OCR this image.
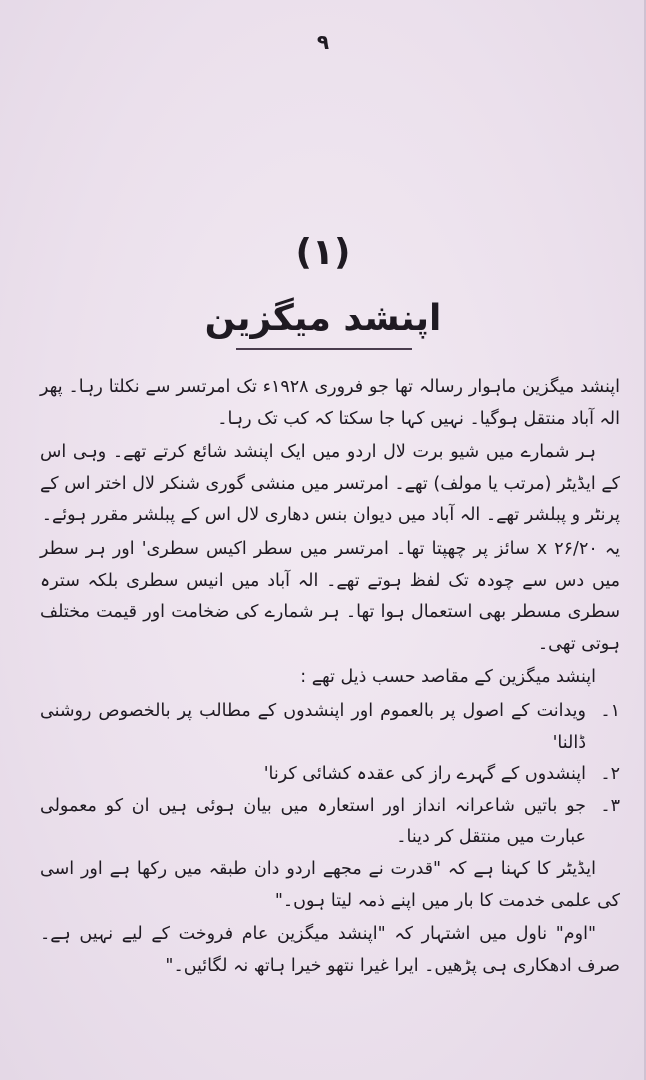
۹
(۱)
اپنشد میگزین

اپنشد میگزین ماہوار رسالہ تھا جو فروری ۱۹۲۸ء تک امرتسر سے نکلتا رہا۔ پھر الہ آباد منتقل ہوگیا۔ نہیں کہا جا سکتا کہ کب تک رہا۔

ہر شمارے میں شیو برت لال اردو میں ایک اپنشد شائع کرتے تھے۔ وہی اس کے ایڈیٹر (مرتب یا مولف) تھے۔ امرتسر میں منشی گوری شنکر لال اختر اس کے پرنٹر و پبلشر تھے۔ الہ آباد میں دیوان بنس دھاری لال اس کے پبلشر مقرر ہوئے۔

یہ ۲۰/x ۲۶ سائز پر چھپتا تھا۔ امرتسر میں سطر اکیس سطری' اور ہر سطر میں دس سے چودہ تک لفظ ہوتے تھے۔ الہ آباد میں انیس سطری بلکہ سترہ سطری مسطر بھی استعمال ہوا تھا۔ ہر شمارے کی ضخامت اور قیمت مختلف ہوتی تھی۔

اپنشد میگزین کے مقاصد حسب ذیل تھے :

۱۔
ویدانت کے اصول پر بالعموم اور اپنشدوں کے مطالب پر بالخصوص روشنی ڈالنا'
۲۔
اپنشدوں کے گہرے راز کی عقدہ کشائی کرنا'
۳۔
جو باتیں شاعرانہ انداز اور استعارہ میں بیان ہوئی ہیں ان کو معمولی عبارت میں منتقل کر دینا۔

ایڈیٹر کا کہنا ہے کہ "قدرت نے مجھے اردو دان طبقہ میں رکھا ہے اور اسی کی علمی خدمت کا بار میں اپنے ذمہ لیتا ہوں۔"

"اوم" ناول میں اشتہار کہ "اپنشد میگزین عام فروخت کے لیے نہیں ہے۔ صرف ادھکاری ہی پڑھیں۔ ایرا غیرا نتھو خیرا ہاتھ نہ لگائیں۔"
